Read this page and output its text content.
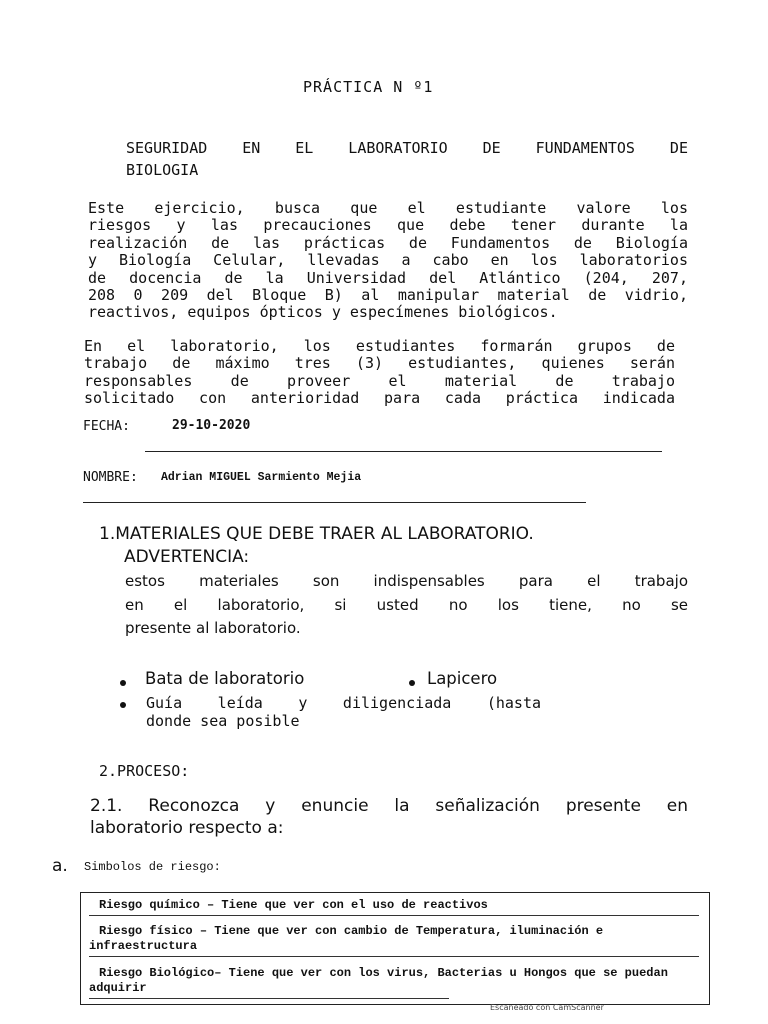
PRÁCTICA N º1
SEGURIDAD EN EL LABORATORIO DE FUNDAMENTOS DE
BIOLOGIA
Este ejercicio, busca que el estudiante valore los
riesgos y las precauciones que debe tener durante la
realización de las prácticas de Fundamentos de Biología
y Biología Celular, llevadas a cabo en los laboratorios
de docencia de la Universidad del Atlántico (204, 207,
208 0 209 del Bloque B) al manipular material de vidrio,
reactivos, equipos ópticos y especímenes biológicos.
En el laboratorio, los estudiantes formarán grupos de
trabajo de máximo tres (3) estudiantes, quienes serán
responsables de proveer el material de trabajo
solicitado con anterioridad para cada práctica indicada
FECHA:	29-10-2020
NOMBRE: Adrian MIGUEL Sarmiento Mejia
1.MATERIALES QUE DEBE TRAER AL LABORATORIO.
ADVERTENCIA:
estos materiales son indispensables para el trabajo
en el laboratorio, si usted no los tiene, no se
presente al laboratorio.
Bata de laboratorio	Lapicero
Guía leída y diligenciada (hasta
donde sea posible
2.PROCESO:
2.1. Reconozca y enuncie la señalización presente en
laboratorio respecto a:
a. Simbolos de riesgo:
Riesgo químico – Tiene que ver con el uso de reactivos
Riesgo físico – Tiene que ver con cambio de Temperatura, iluminación e infraestructura
Riesgo Biológico– Tiene que ver con los virus, Bacterias u Hongos que se puedan adquirir
Escaneado con CamScanner
